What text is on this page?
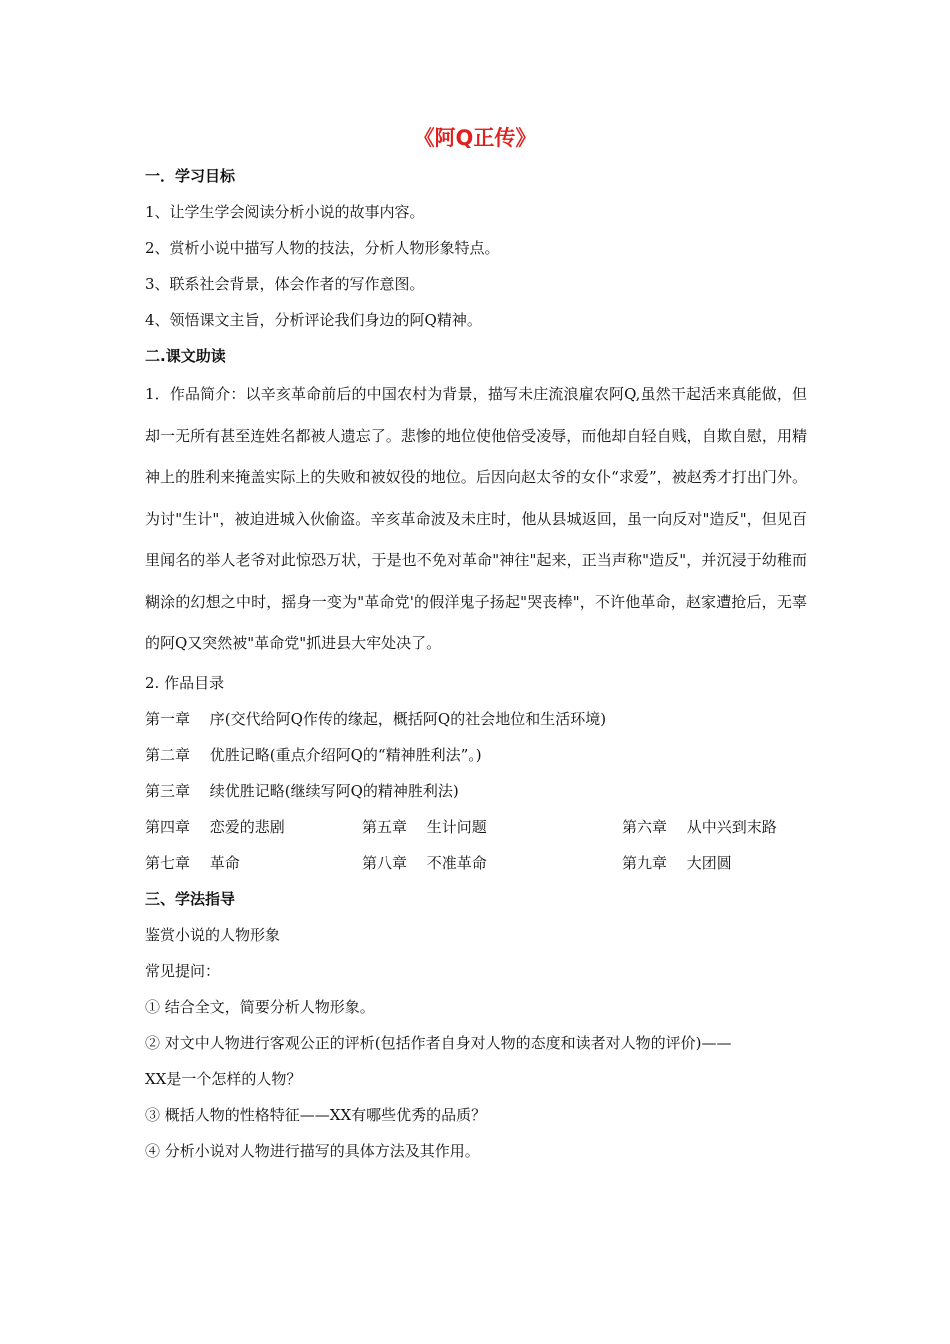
《阿Q正传》
一．学习目标
1、让学生学会阅读分析小说的故事内容。
2、赏析小说中描写人物的技法，分析人物形象特点。
3、联系社会背景，体会作者的写作意图。
4、领悟课文主旨，分析评论我们身边的阿Q精神。
二.课文助读

1．作品简介：以辛亥革命前后的中国农村为背景，描写未庄流浪雇农阿Q,虽然干起活来真能做，但却一无所有甚至连姓名都被人遗忘了。悲惨的地位使他倍受凌辱，而他却自轻自贱，自欺自慰，用精神上的胜利来掩盖实际上的失败和被奴役的地位。后因向赵太爷的女仆“求爱”，被赵秀才打出门外。为讨"生计"，被迫进城入伙偷盗。辛亥革命波及未庄时，他从县城返回，虽一向反对"造反"，但见百里闻名的举人老爷对此惊恐万状，于是也不免对革命"神往"起来，正当声称"造反"，并沉浸于幼稚而糊涂的幻想之中时，摇身一变为"革命党'的假洋鬼子扬起"哭丧棒"，不许他革命，赵家遭抢后，无辜的阿Q又突然被"革命党"抓进县大牢处决了。

2. 作品目录
第一章　 序(交代给阿Q作传的缘起，概括阿Q的社会地位和生活环境)
第二章　 优胜记略(重点介绍阿Q的“精神胜利法”。)
第三章　 续优胜记略(继续写阿Q的精神胜利法)
第四章　 恋爱的悲剧	第五章　 生计问题	第六章　 从中兴到末路
第七章　 革命	第八章　 不准革命	第九章　 大团圆
三、学法指导
鉴赏小说的人物形象
常见提问：
① 结合全文，简要分析人物形象。
② 对文中人物进行客观公正的评析(包括作者自身对人物的态度和读者对人物的评价)——
XX是一个怎样的人物？
③ 概括人物的性格特征——XX有哪些优秀的品质？
④ 分析小说对人物进行描写的具体方法及其作用。
